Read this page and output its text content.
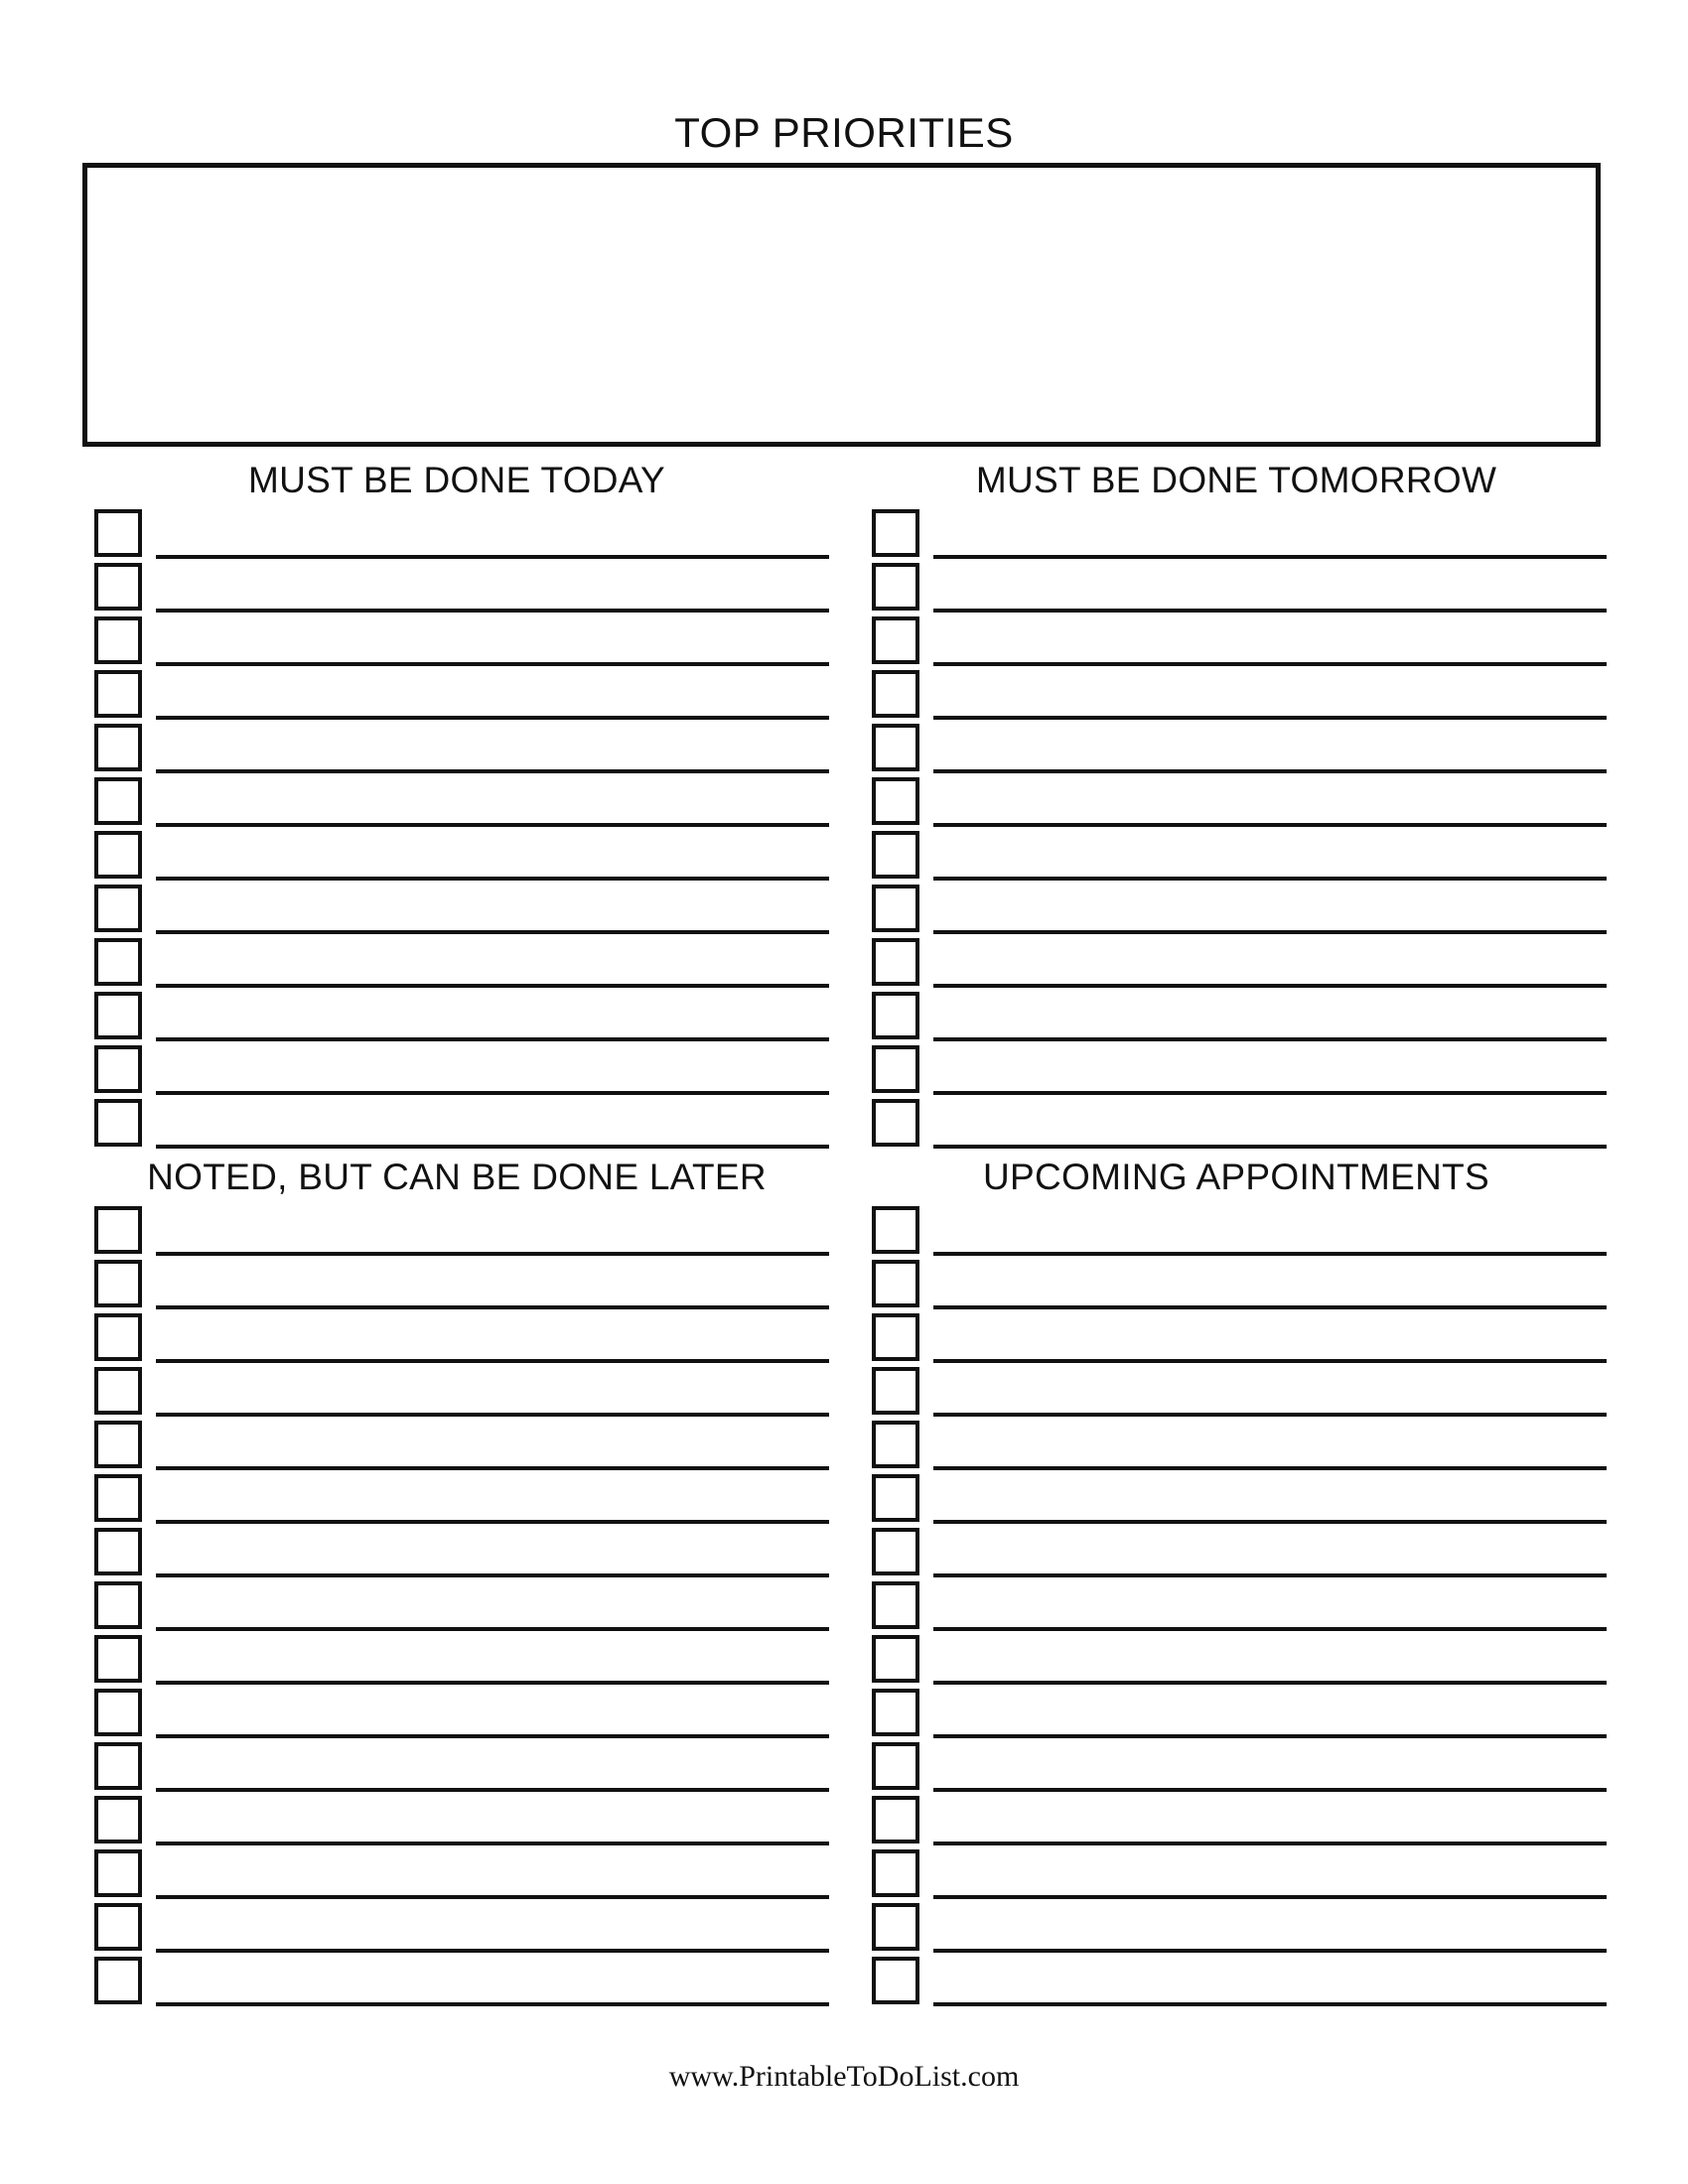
TOP PRIORITIES
MUST BE DONE TODAY	MUST BE DONE TOMORROW
NOTED, BUT CAN BE DONE LATER	UPCOMING APPOINTMENTS
www.PrintableToDoList.com
